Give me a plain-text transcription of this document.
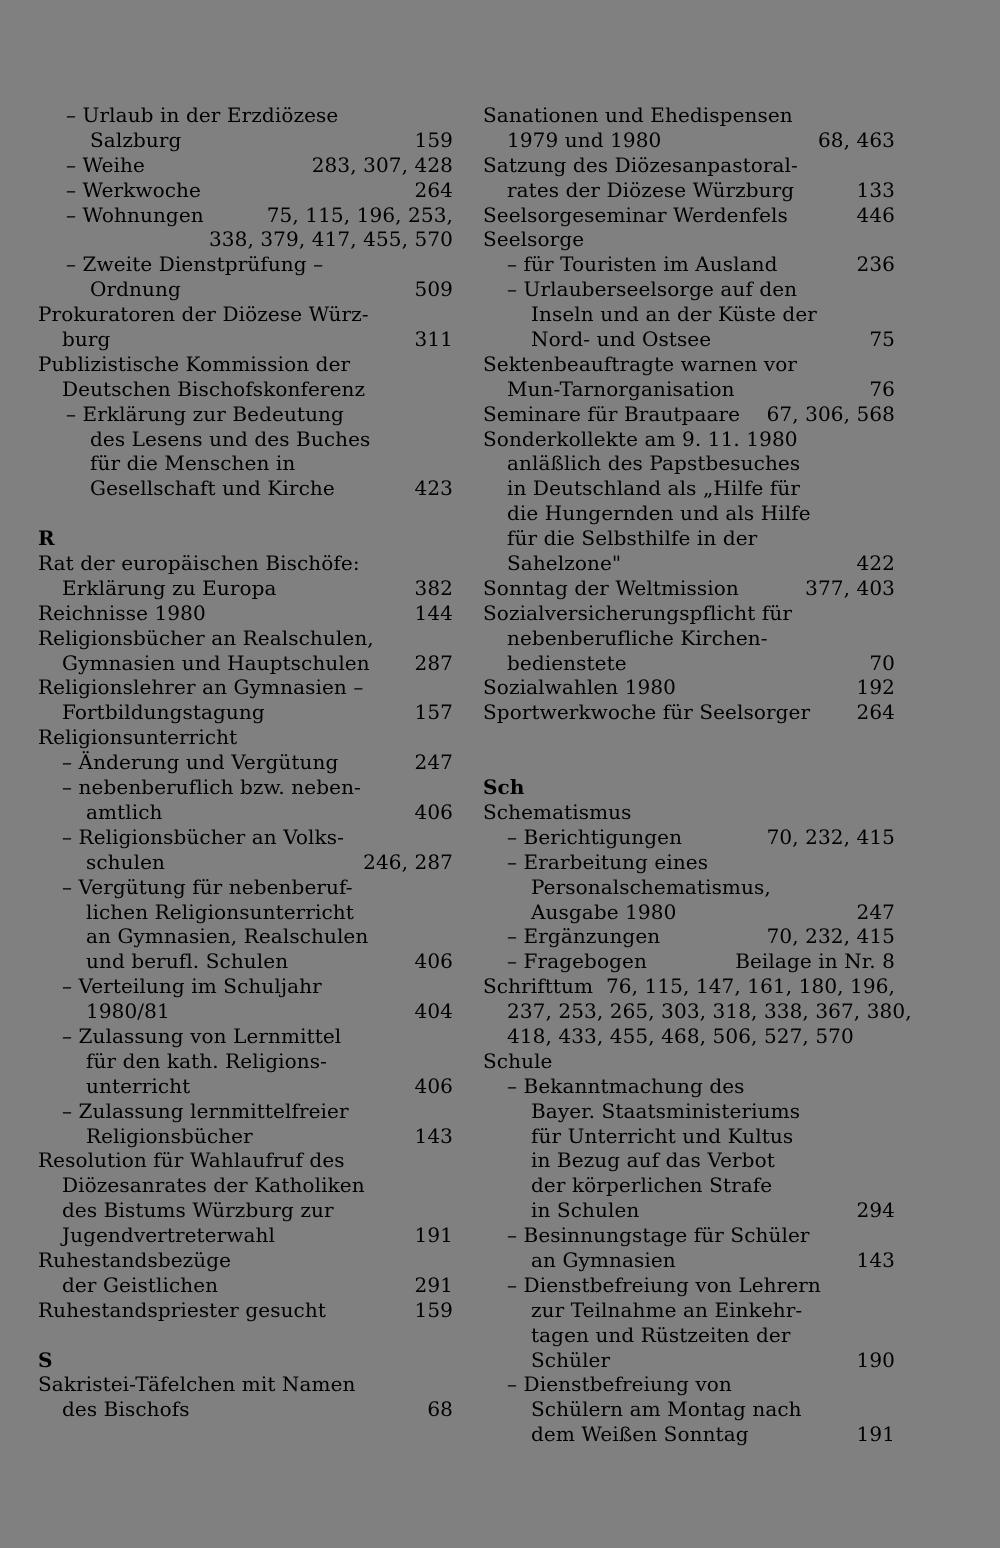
– Urlaub in der Erzdiözese
Salzburg	159
– Weihe	283, 307, 428
– Werkwoche	264
– Wohnungen	75, 115, 196, 253,
338, 379, 417, 455, 570
– Zweite Dienstprüfung –
Ordnung	509
Prokuratoren der Diözese Würz-
burg	311
Publizistische Kommission der
Deutschen Bischofskonferenz
– Erklärung zur Bedeutung
des Lesens und des Buches
für die Menschen in
Gesellschaft und Kirche	423
R
Rat der europäischen Bischöfe:
Erklärung zu Europa	382
Reichnisse 1980	144
Religionsbücher an Realschulen,
Gymnasien und Hauptschulen 287
Religionslehrer an Gymnasien –
Fortbildungstagung	157
Religionsunterricht
– Änderung und Vergütung	247
– nebenberuflich bzw. neben-
amtlich	406
– Religionsbücher an Volks-
schulen	246, 287
– Vergütung für nebenberuf-
lichen Religionsunterricht
an Gymnasien, Realschulen
und berufl. Schulen	406
– Verteilung im Schuljahr
1980/81	404
– Zulassung von Lernmittel
für den kath. Religions-
unterricht	406
– Zulassung lernmittelfreier
Religionsbücher	143
Resolution für Wahlaufruf des
Diözesanrates der Katholiken
des Bistums Würzburg zur
Jugendvertreterwahl	191
Ruhestandsbezüge
der Geistlichen	291
Ruhestandspriester gesucht	159
S
Sakristei-Täfelchen mit Namen
des Bischofs	68
Sanationen und Ehedispensen
1979 und 1980	68, 463
Satzung des Diözesanpastoral-
rates der Diözese Würzburg	133
Seelsorgeseminar Werdenfels	446
Seelsorge
– für Touristen im Ausland	236
– Urlauberseelsorge auf den
Inseln und an der Küste der
Nord- und Ostsee	75
Sektenbeauftragte warnen vor
Mun-Tarnorganisation	76
Seminare für Brautpaare 67, 306, 568
Sonderkollekte am 9. 11. 1980
anläßlich des Papstbesuches
in Deutschland als „Hilfe für
die Hungernden und als Hilfe
für die Selbsthilfe in der
Sahelzone"	422
Sonntag der Weltmission	377, 403
Sozialversicherungspflicht für
nebenberufliche Kirchen-
bedienstete	70
Sozialwahlen 1980	192
Sportwerkwoche für Seelsorger 264
Sch
Schematismus
– Berichtigungen	70, 232, 415
– Erarbeitung eines
Personalschematismus,
Ausgabe 1980	247
– Ergänzungen	70, 232, 415
– Fragebogen	Beilage in Nr. 8
Schrifttum 76, 115, 147, 161, 180, 196,
237, 253, 265, 303, 318, 338, 367, 380,
418, 433, 455, 468, 506, 527, 570
Schule
– Bekanntmachung des
Bayer. Staatsministeriums
für Unterricht und Kultus
in Bezug auf das Verbot
der körperlichen Strafe
in Schulen	294
– Besinnungstage für Schüler
an Gymnasien	143
– Dienstbefreiung von Lehrern
zur Teilnahme an Einkehr-
tagen und Rüstzeiten der
Schüler	190
– Dienstbefreiung von
Schülern am Montag nach
dem Weißen Sonntag	191
